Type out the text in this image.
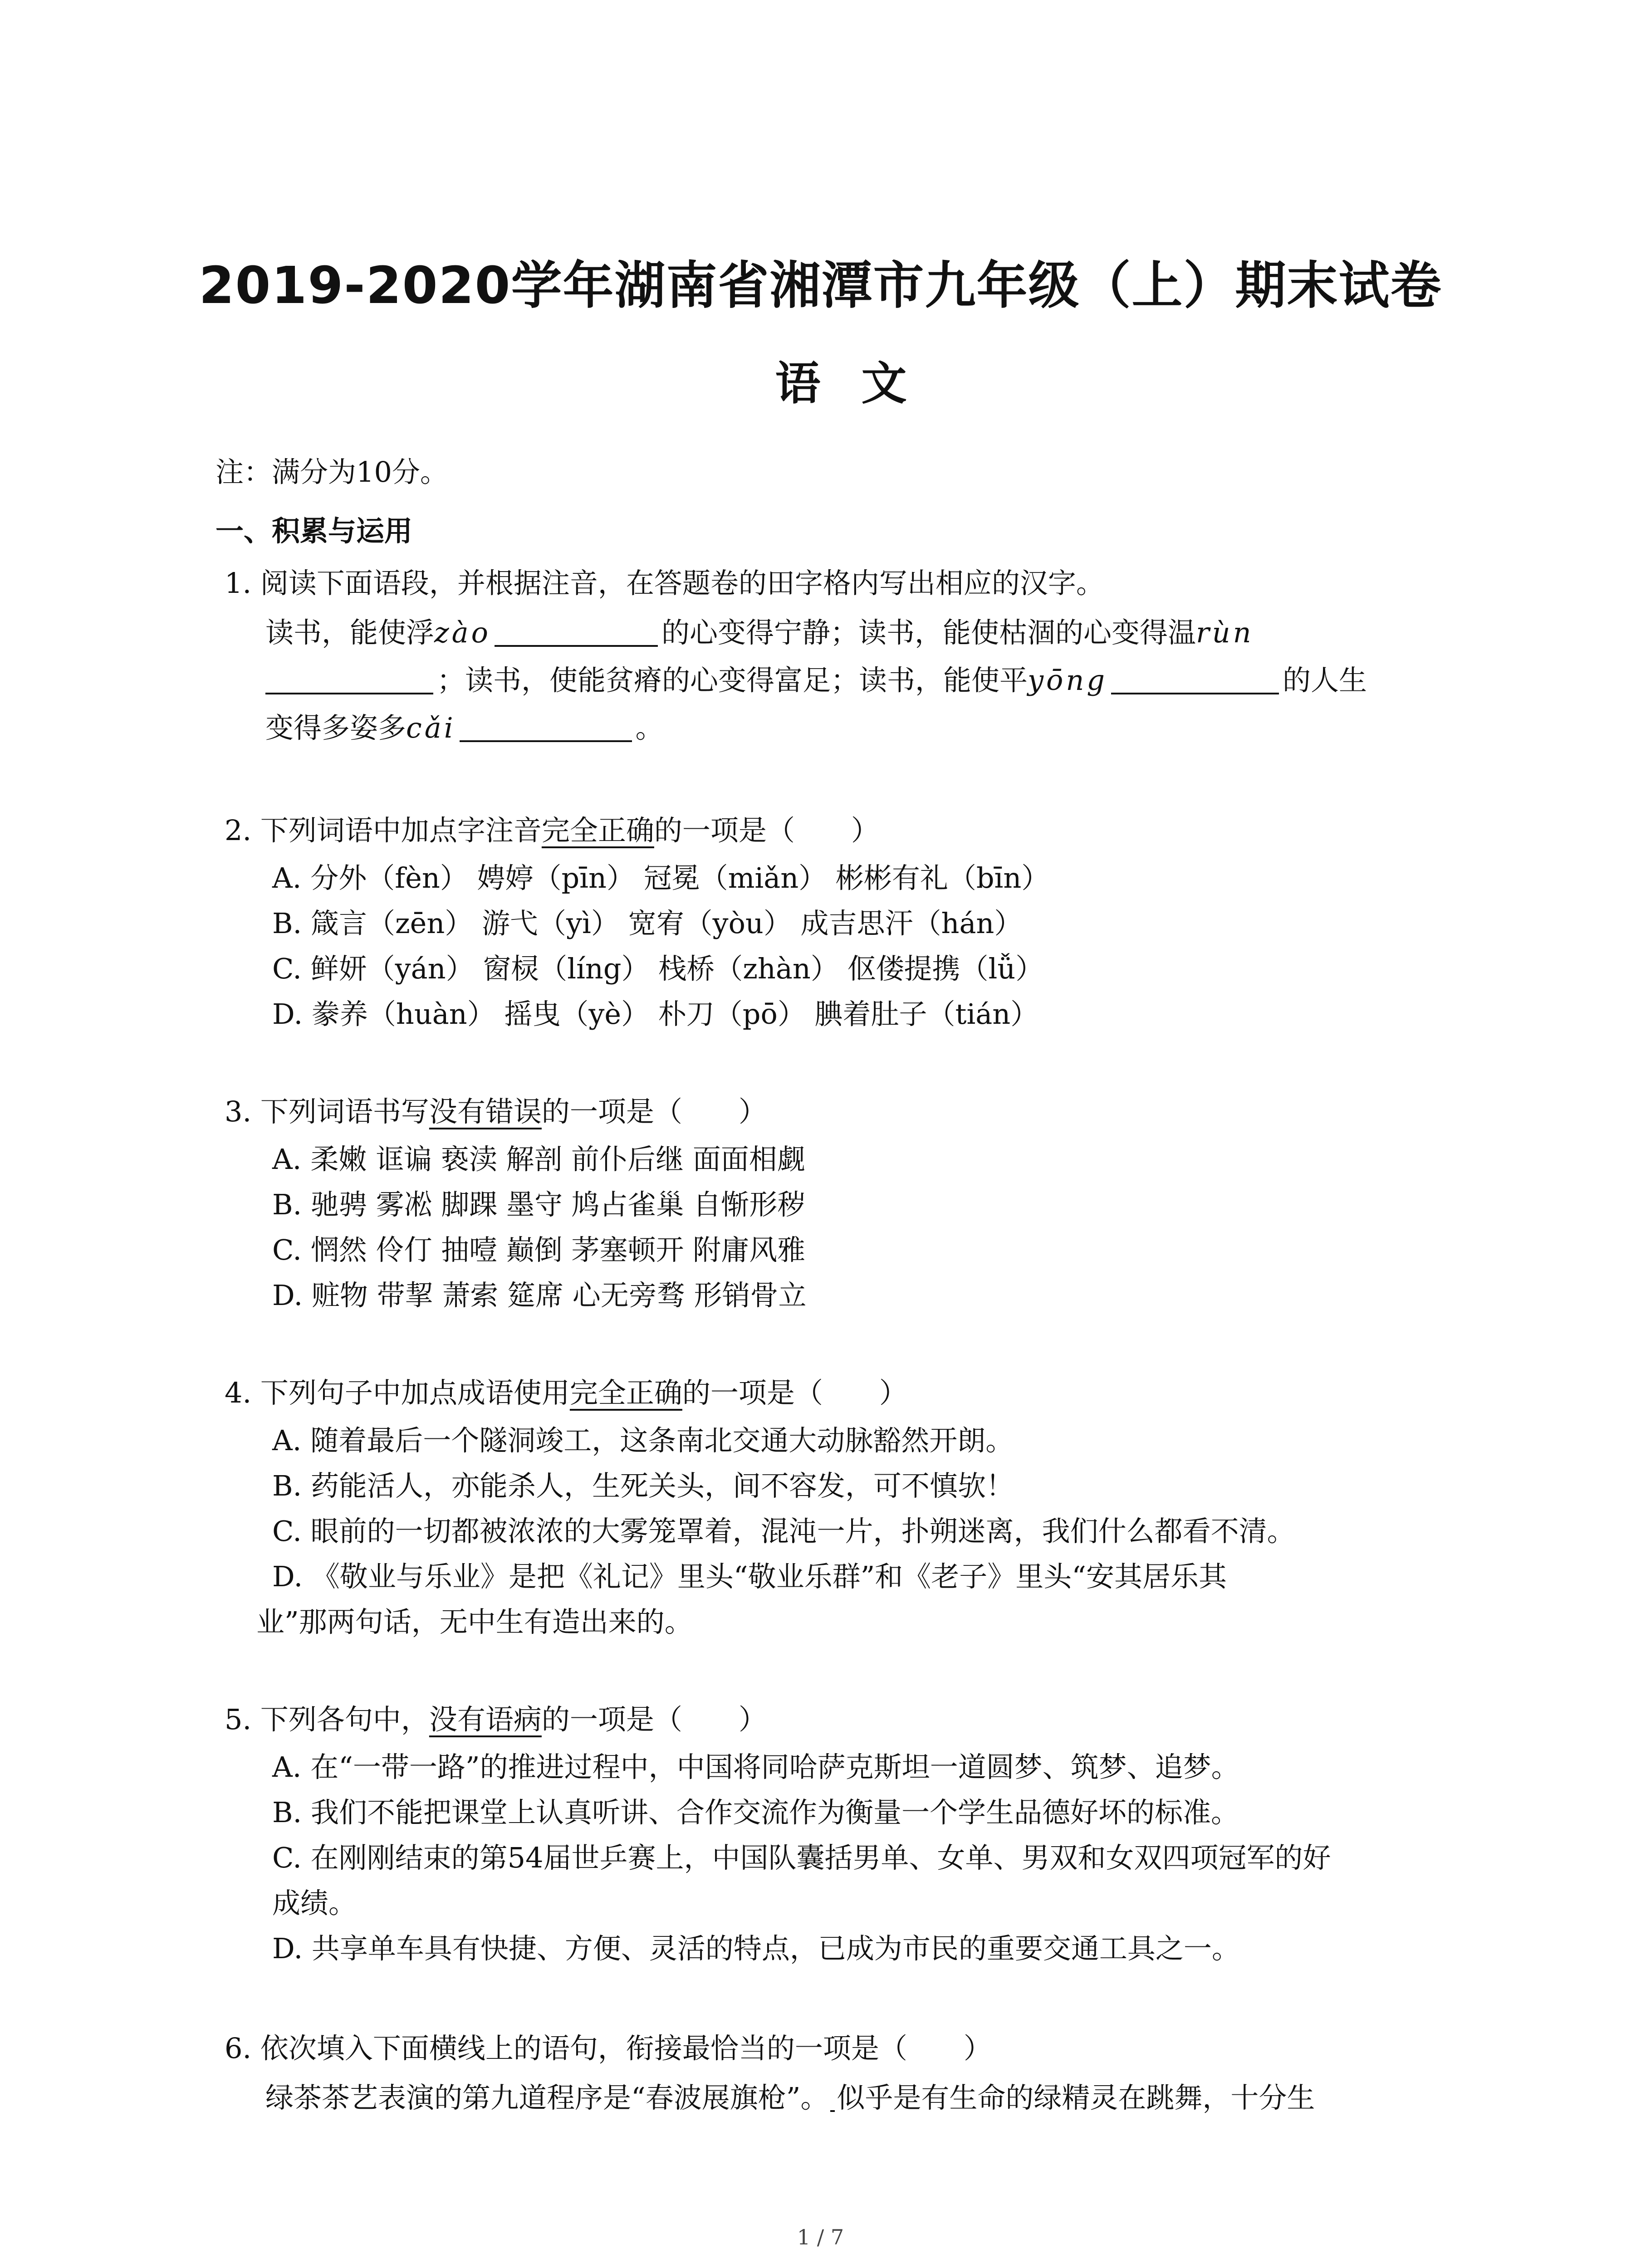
2019-2020学年湖南省湘潭市九年级（上）期末试卷
语文
注：满分为10分。
一、积累与运用
1. 阅读下面语段，并根据注音，在答题卷的田字格内写出相应的汉字。
读书，能使浮zào	的心变得宁静；读书，能使枯涸的心变得温rùn
；读书，使能贫瘠的心变得富足；读书，能使平yōng	的人生
变得多姿多cǎi	。
2. 下列词语中加点字注音完全正确的一项是（　　）
A. 分外（fèn） 娉婷（pīn） 冠冕（miǎn） 彬彬有礼（bīn）
B. 箴言（zēn） 游弋（yì） 宽宥（yòu） 成吉思汗（hán）
C. 鲜妍（yán） 窗棂（líng） 栈桥（zhàn） 伛偻提携（lǚ）
D. 豢养（huàn） 摇曳（yè） 朴刀（pō） 腆着肚子（tián）
3. 下列词语书写没有错误的一项是（　　）
A. 柔嫩 诓谝 亵渎 解剖 前仆后继 面面相觑
B. 驰骋 雾凇 脚踝 墨守 鸠占雀巢 自惭形秽
C. 惘然 伶仃 抽噎 巅倒 茅塞顿开 附庸风雅
D. 赃物 带挈 萧索 筵席 心无旁骛 形销骨立
4. 下列句子中加点成语使用完全正确的一项是（　　）
A. 随着最后一个隧洞竣工，这条南北交通大动脉豁然开朗。
B. 药能活人，亦能杀人，生死关头，间不容发，可不慎欤！
C. 眼前的一切都被浓浓的大雾笼罩着，混沌一片，扑朔迷离，我们什么都看不清。
D. 《敬业与乐业》是把《礼记》里头“敬业乐群”和《老子》里头“安其居乐其
业”那两句话，无中生有造出来的。
5. 下列各句中，没有语病的一项是（　　）
A. 在“一带一路”的推进过程中，中国将同哈萨克斯坦一道圆梦、筑梦、追梦。
B. 我们不能把课堂上认真听讲、合作交流作为衡量一个学生品德好坏的标准。
C. 在刚刚结束的第54届世乒赛上，中国队囊括男单、女单、男双和女双四项冠军的好
成绩。
D. 共享单车具有快捷、方便、灵活的特点，已成为市民的重要交通工具之一。
6. 依次填入下面横线上的语句，衔接最恰当的一项是（　　）
绿茶茶艺表演的第九道程序是“春波展旗枪”。 似乎是有生命的绿精灵在跳舞，十分生
1 / 7
